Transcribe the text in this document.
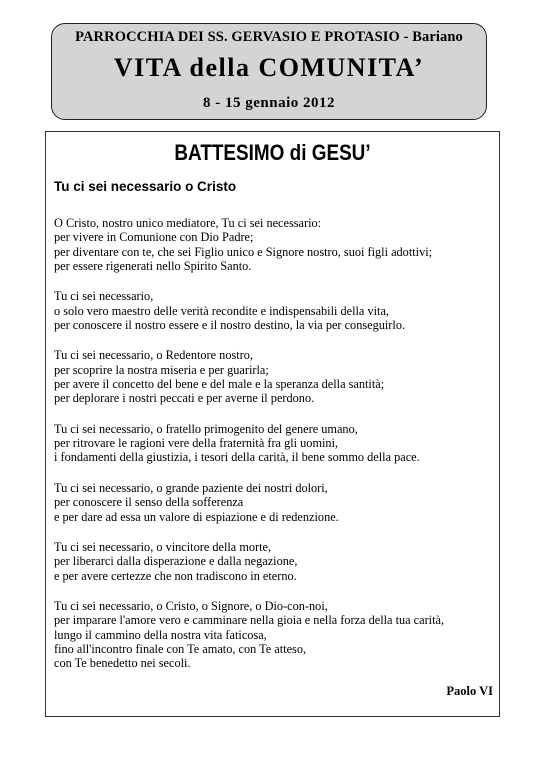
PARROCCHIA DEI SS. GERVASIO E PROTASIO - Bariano
VITA della COMUNITA’
8 - 15 gennaio 2012
BATTESIMO di GESU’
Tu ci sei necessario o Cristo
O Cristo, nostro unico mediatore, Tu ci sei necessario:
per vivere in Comunione con Dio Padre;
per diventare con te, che sei Figlio unico e Signore nostro, suoi figli adottivi;
per essere rigenerati nello Spirito Santo.
Tu ci sei necessario,
o solo vero maestro delle verità recondite e indispensabili della vita,
per conoscere il nostro essere e il nostro destino, la via per conseguirlo.
Tu ci sei necessario, o Redentore nostro,
per scoprire la nostra miseria e per guarirla;
per avere il concetto del bene e del male e la speranza della santità;
per deplorare i nostri peccati e per averne il perdono.
Tu ci sei necessario, o fratello primogenito del genere umano,
per ritrovare le ragioni vere della fraternità fra gli uomini,
i fondamenti della giustizia, i tesori della carità, il bene sommo della pace.
Tu ci sei necessario, o grande paziente dei nostri dolori,
per conoscere il senso della sofferenza
e per dare ad essa un valore di espiazione e di redenzione.
Tu ci sei necessario, o vincitore della morte,
per liberarci dalla disperazione e dalla negazione,
e per avere certezze che non tradiscono in eterno.
Tu ci sei necessario, o Cristo, o Signore, o Dio-con-noi,
per imparare l'amore vero e camminare nella gioia e nella forza della tua carità,
lungo il cammino della nostra vita faticosa,
fino all'incontro finale con Te amato, con Te atteso,
con Te benedetto nei secoli.
Paolo VI
